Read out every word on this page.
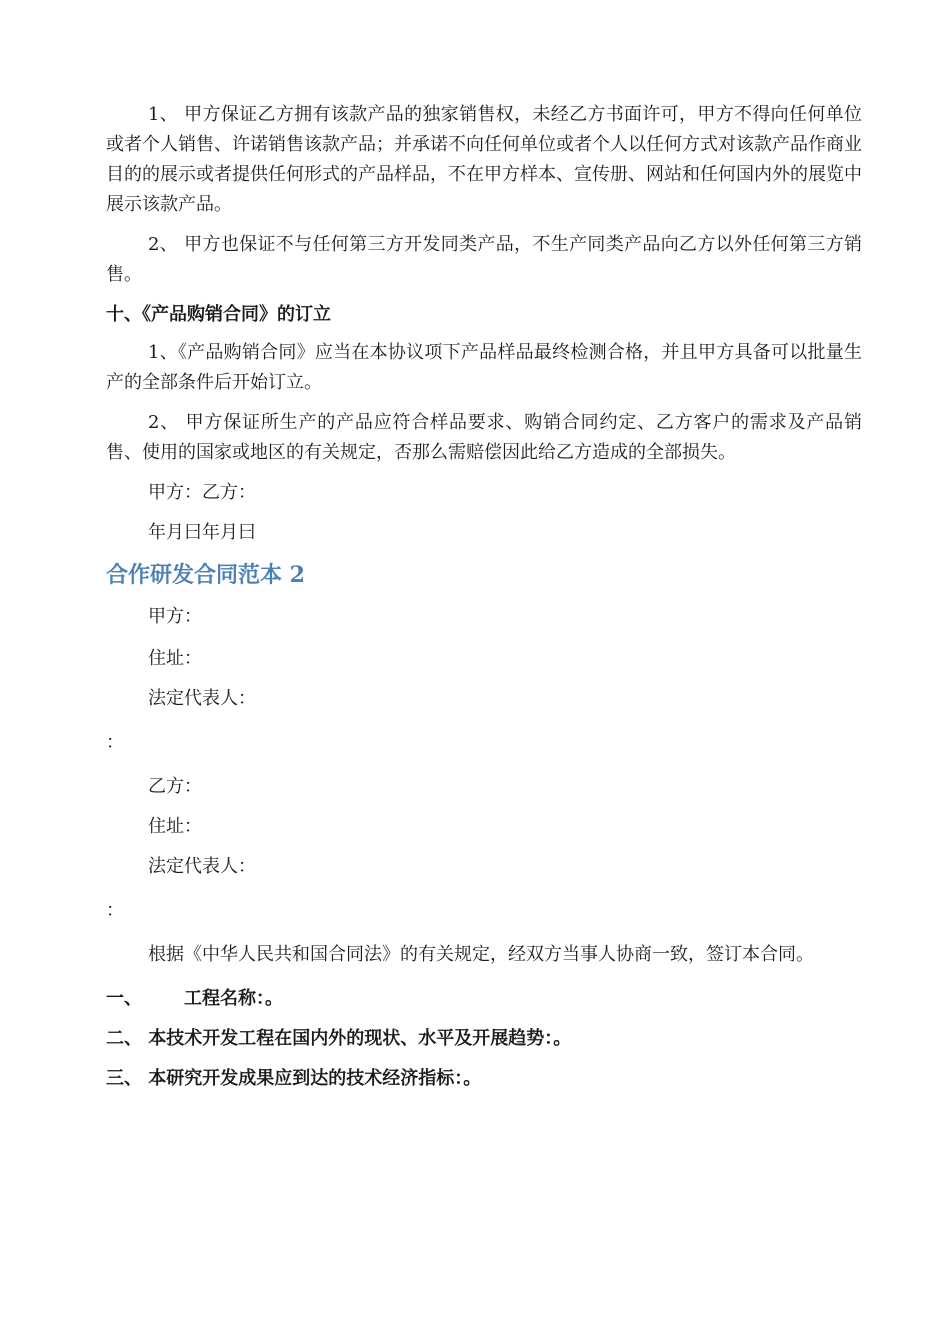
1、 甲方保证乙方拥有该款产品的独家销售权，未经乙方书面许可，甲方不得向任何单位或者个人销售、许诺销售该款产品；并承诺不向任何单位或者个人以任何方式对该款产品作商业目的的展示或者提供任何形式的产品样品，不在甲方样本、宣传册、网站和任何国内外的展览中展示该款产品。

2、 甲方也保证不与任何第三方开发同类产品，不生产同类产品向乙方以外任何第三方销售。

十、《产品购销合同》的订立

1、《产品购销合同》应当在本协议项下产品样品最终检测合格，并且甲方具备可以批量生产的全部条件后开始订立。

2、 甲方保证所生产的产品应符合样品要求、购销合同约定、乙方客户的需求及产品销售、使用的国家或地区的有关规定，否那么需赔偿因此给乙方造成的全部损失。

甲方：乙方：

年月曰年月曰

合作研发合同范本 2

甲方：

住址：

法定代表人：

：

乙方：

住址：

法定代表人：

：

根据《中华人民共和国合同法》的有关规定，经双方当事人协商一致，签订本合同。

一、 工程名称：。

二、 本技术开发工程在国内外的现状、水平及开展趋势：。

三、 本研究开发成果应到达的技术经济指标：。
